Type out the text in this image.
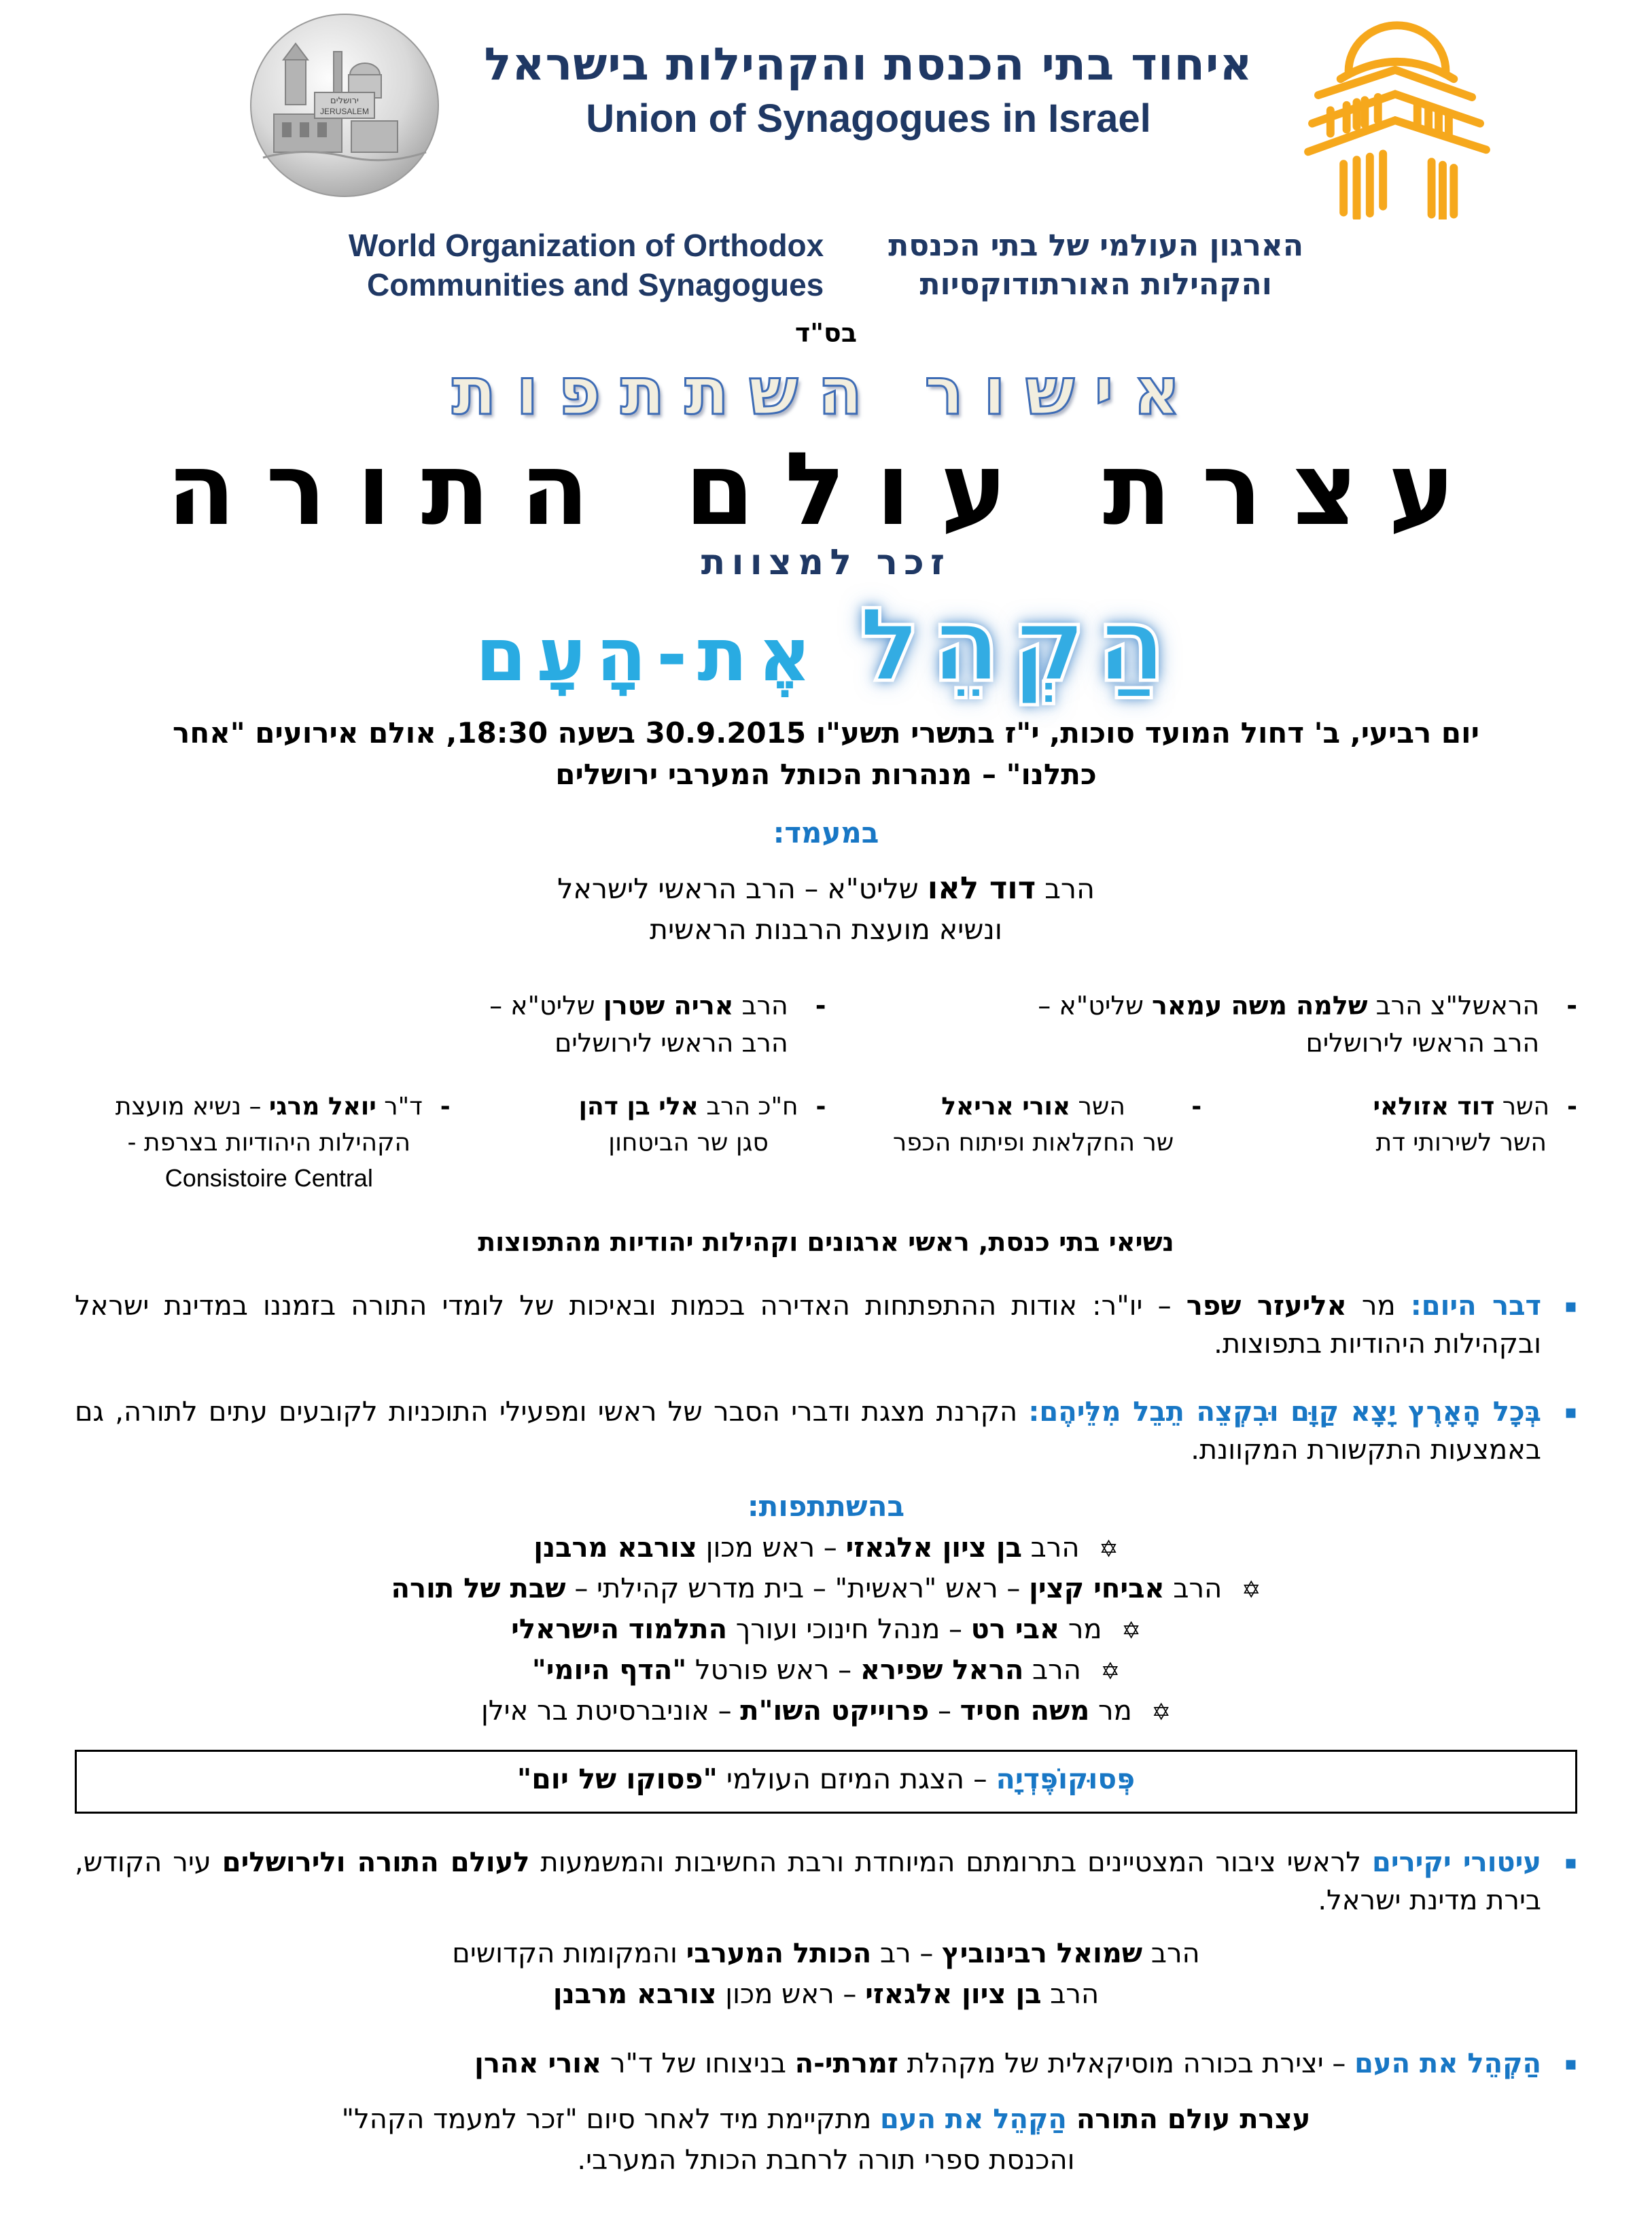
ירושלים
JERUSALEM
איחוד בתי הכנסת והקהילות בישראל
Union of Synagogues in Israel
World Organization of Orthodox
Communities and Synagogues
הארגון העולמי של בתי הכנסת
והקהילות האורתודוקסיות
בס"ד
אישור השתתפות
עצרת עולם התורה
זכר למצוות
הַקְהֵל
אֶת-הָעָם

יום רביעי, ב' דחול המועד סוכות, י"ז בתשרי תשע"ו 30.9.2015 בשעה 18:30, אולם אירועים "אחר
כתלנו" – מנהרות הכותל המערבי ירושלים

במעמד:
הרב דוד לאו שליט"א – הרב הראשי לישראל
ונשיא מועצת הרבנות הראשית
-
הראשל"צ הרב שלמה משה עמאר שליט"א –
הרב הראשי לירושלים
-
הרב אריה שטרן שליט"א –
הרב הראשי לירושלים
-
השר דוד אזולאי
השר לשירותי דת
-
השר אורי אריאל
שר החקלאות ופיתוח הכפר
-
ח"כ הרב אלי בן דהן
סגן שר הביטחון
-
ד"ר יואל מרגי – נשיא מועצת
הקהילות היהודיות בצרפת -
Consistoire Central
נשיאי בתי כנסת, ראשי ארגונים וקהילות יהודיות מהתפוצות
▪
דבר היום: מר אליעזר שפר – יו"ר: אודות ההתפתחות האדירה בכמות ובאיכות של לומדי התורה בזמננו במדינת ישראל ובקהילות היהודיות בתפוצות.
▪
בְּכָל הָאָרֶץ יָצָא קַוָּם וּבִקְצֵה תֵבֵל מִלֵּיהֶם: הקרנת מצגת ודברי הסבר של ראשי ומפעילי התוכניות לקובעים עתים לתורה, גם באמצעות התקשורת המקוונת.
בהשתתפות:
✡ הרב בן ציון אלגאזי – ראש מכון צורבא מרבנן
✡ הרב אביחי קצין – ראש "ראשית" – בית מדרש קהילתי – שבת של תורה
✡ מר אבי רט – מנהל חינוכי ועורך התלמוד הישראלי
✡ הרב הראל שפירא – ראש פורטל "הדף היומי"
✡ מר משה חסיד – פרוייקט השו"ת – אוניברסיטת בר אילן
פְּסוּקוֹפֶּדְיָה – הצגת המיזם העולמי "פסוקו של יום"
▪
עיטורי יקירים לראשי ציבור המצטיינים בתרומתם המיוחדת ורבת החשיבות והמשמעות לעולם התורה ולירושלים עיר הקודש, בירת מדינת ישראל.
הרב שמואל רבינוביץ – רב הכותל המערבי והמקומות הקדושים
הרב בן ציון אלגאזי – ראש מכון צורבא מרבנן
▪
הַקְהֵל את העם – יצירת בכורה מוסיקאלית של מקהלת זמרתי-ה בניצוחו של ד"ר אורי אהרן
עצרת עולם התורה הַקְהֵל את העם מתקיימת מיד לאחר סיום "זכר למעמד הקהל"
והכנסת ספרי תורה לרחבת הכותל המערבי.
